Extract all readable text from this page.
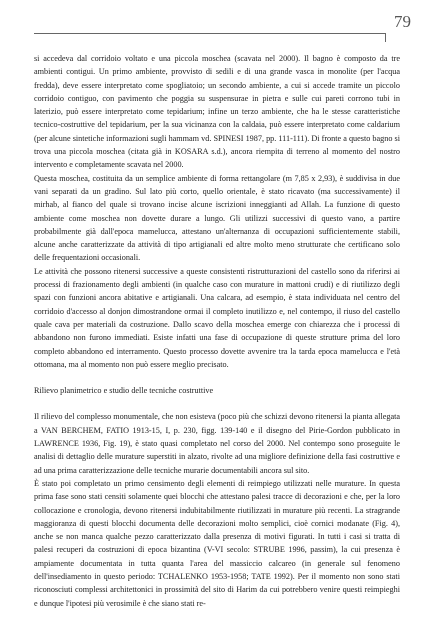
79

si accedeva dal corridoio voltato e una piccola moschea (scavata nel 2000). Il bagno è composto da tre ambienti contigui. Un primo ambiente, provvisto di sedili e di una grande vasca in monolite (per l'acqua fredda), deve essere interpretato come spogliatoio; un secondo ambiente, a cui si accede tramite un piccolo corridoio contiguo, con pavimento che poggia su suspensurae in pietra e sulle cui pareti corrono tubi in laterizio, può essere interpretato come tepidarium; infine un terzo ambiente, che ha le stesse caratteristiche tecnico-costruttive del tepidarium, per la sua vicinanza con la caldaia, può essere interpretato come caldarium (per alcune sintetiche informazioni sugli hammam vd. SPINESI 1987, pp. 111-111). Di fronte a questo bagno si trova una piccola moschea (citata già in KOSARA s.d.), ancora riempita di terreno al momento del nostro intervento e completamente scavata nel 2000.

Questa moschea, costituita da un semplice ambiente di forma rettangolare (m 7,85 x 2,93), è suddivisa in due vani separati da un gradino. Sul lato più corto, quello orientale, è stato ricavato (ma successivamente) il mirhab, al fianco del quale si trovano incise alcune iscrizioni inneggianti ad Allah. La funzione di questo ambiente come moschea non dovette durare a lungo. Gli utilizzi successivi di questo vano, a partire probabilmente già dall'epoca mamelucca, attestano un'alternanza di occupazioni sufficientemente stabili, alcune anche caratterizzate da attività di tipo artigianali ed altre molto meno strutturate che certificano solo delle frequentazioni occasionali.

Le attività che possono ritenersi successive a queste consistenti ristrutturazioni del castello sono da riferirsi ai processi di frazionamento degli ambienti (in qualche caso con murature in mattoni crudi) e di riutilizzo degli spazi con funzioni ancora abitative e artigianali. Una calcara, ad esempio, è stata individuata nel centro del corridoio d'accesso al donjon dimostrandone ormai il completo inutilizzo e, nel contempo, il riuso del castello quale cava per materiali da costruzione. Dallo scavo della moschea emerge con chiarezza che i processi di abbandono non furono immediati. Esiste infatti una fase di occupazione di queste strutture prima del loro completo abbandono ed interramento. Questo processo dovette avvenire tra la tarda epoca mamelucca e l'età ottomana, ma al momento non può essere meglio precisato.

Rilievo planimetrico e studio delle tecniche costruttive

Il rilievo del complesso monumentale, che non esisteva (poco più che schizzi devono ritenersi la pianta allegata a VAN BERCHEM, FATIO 1913-15, I, p. 230, figg. 139-140 e il disegno del Pirie-Gordon pubblicato in LAWRENCE 1936, Fig. 19), è stato quasi completato nel corso del 2000. Nel contempo sono proseguite le analisi di dettaglio delle murature superstiti in alzato, rivolte ad una migliore definizione della fasi costruttive e ad una prima caratterizzazione delle tecniche murarie documentabili ancora sul sito.

È stato poi completato un primo censimento degli elementi di reimpiego utilizzati nelle murature. In questa prima fase sono stati censiti solamente quei blocchi che attestano palesi tracce di decorazioni e che, per la loro collocazione e cronologia, devono ritenersi indubitabilmente riutilizzati in murature più recenti. La stragrande maggioranza di questi blocchi documenta delle decorazioni molto semplici, cioè cornici modanate (Fig. 4), anche se non manca qualche pezzo caratterizzato dalla presenza di motivi figurati. In tutti i casi si tratta di palesi recuperi da costruzioni di epoca bizantina (V-VI secolo: STRUBE 1996, passim), la cui presenza è ampiamente documentata in tutta quanta l'area del massiccio calcareo (in generale sul fenomeno dell'insediamento in questo periodo: TCHALENKO 1953-1958; TATE 1992). Per il momento non sono stati riconosciuti complessi architettonici in prossimità del sito di Harim da cui potrebbero venire questi reimpieghi e dunque l'ipotesi più verosimile è che siano stati re-
